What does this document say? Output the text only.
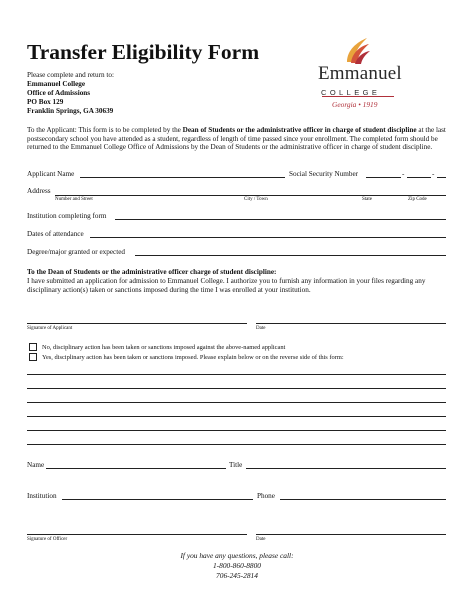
Transfer Eligibility Form
Emmanuel
COLLEGE
Georgia • 1919
Please complete and return to:
Emmanuel College
Office of Admissions
PO Box 129
Franklin Springs, GA 30639
To the Applicant: This form is to be completed by the Dean of Students or the administrative officer in charge of student discipline at the last postsecondary school you have attended as a student, regardless of length of time passed since your enrollment. The completed form should be returned to the Emmanuel College Office of Admissions by the Dean of Students or the administrative officer in charge of student discipline.
Applicant Name	Social Security Number	-	-
Address
Number and Street	City / Town	State	Zip Code
Institution completing form
Dates of attendance
Degree/major granted or expected
To the Dean of Students or the administrative officer charge of student discipline:
I have submitted an application for admission to Emmanuel College. I authorize you to furnish any information in your files regarding any disciplinary action(s) taken or sanctions imposed during the time I was enrolled at your institution.
Signature of Applicant	Date
No, disciplinary action has been taken or sanctions imposed against the above-named applicant
Yes, disciplinary action has been taken or sanctions imposed. Please explain below or on the reverse side of this form:
Name	Title
Institution	Phone
Signature of Officer	Date
If you have any questions, please call:
1-800-860-8800
706-245-2814
